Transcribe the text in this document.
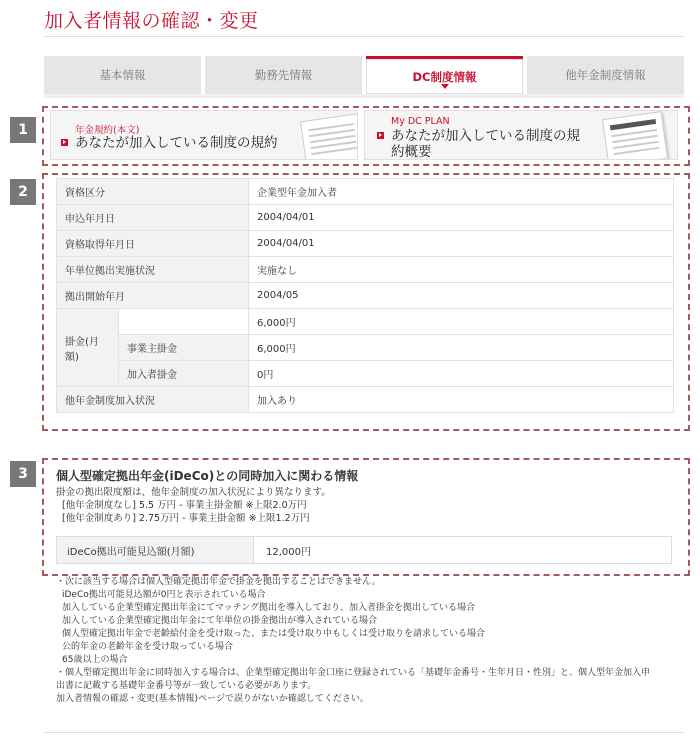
加入者情報の確認・変更
基本情報	勤務先情報	DC制度情報	他年金制度情報
1	年金規約(本文)
あなたが加入している制度の規約
My DC PLAN
あなたが加入している制度の規約概要
2	資格区分		企業型年金加入者
申込年月日		2004/04/01
資格取得年月日		2004/04/01
年単位拠出実施状況		実施なし
拠出開始年月		2004/05
掛金(月額)		6,000円
	事業主掛金	6,000円
	加入者掛金	0円
他年金制度加入状況		加入あり
3	個人型確定拠出年金(iDeCo)との同時加入に関わる情報
掛金の拠出限度額は、他年金制度の加入状況により異なります。
[他年金制度なし] 5.5 万円 - 事業主掛金額 ※上限2.0万円
[他年金制度あり] 2.75万円 - 事業主掛金額 ※上限1.2万円
iDeCo拠出可能見込額(月額)	12,000円
・次に該当する場合は個人型確定拠出年金で掛金を拠出することはできません。
iDeCo拠出可能見込額が0円と表示されている場合
加入している企業型確定拠出年金にてマッチング拠出を導入しており、加入者掛金を拠出している場合
加入している企業型確定拠出年金にて年単位の掛金拠出が導入されている場合
個人型確定拠出年金で老齢給付金を受け取った、または受け取り中もしくは受け取りを請求している場合
公的年金の老齢年金を受け取っている場合
65歳以上の場合
・個人型確定拠出年金に同時加入する場合は、企業型確定拠出年金口座に登録されている「基礎年金番号・生年月日・性別」と、個人型年金加入申
出書に記載する基礎年金番号等が一致している必要があります。
加入者情報の確認・変更(基本情報)ページで誤りがないか確認してください。
